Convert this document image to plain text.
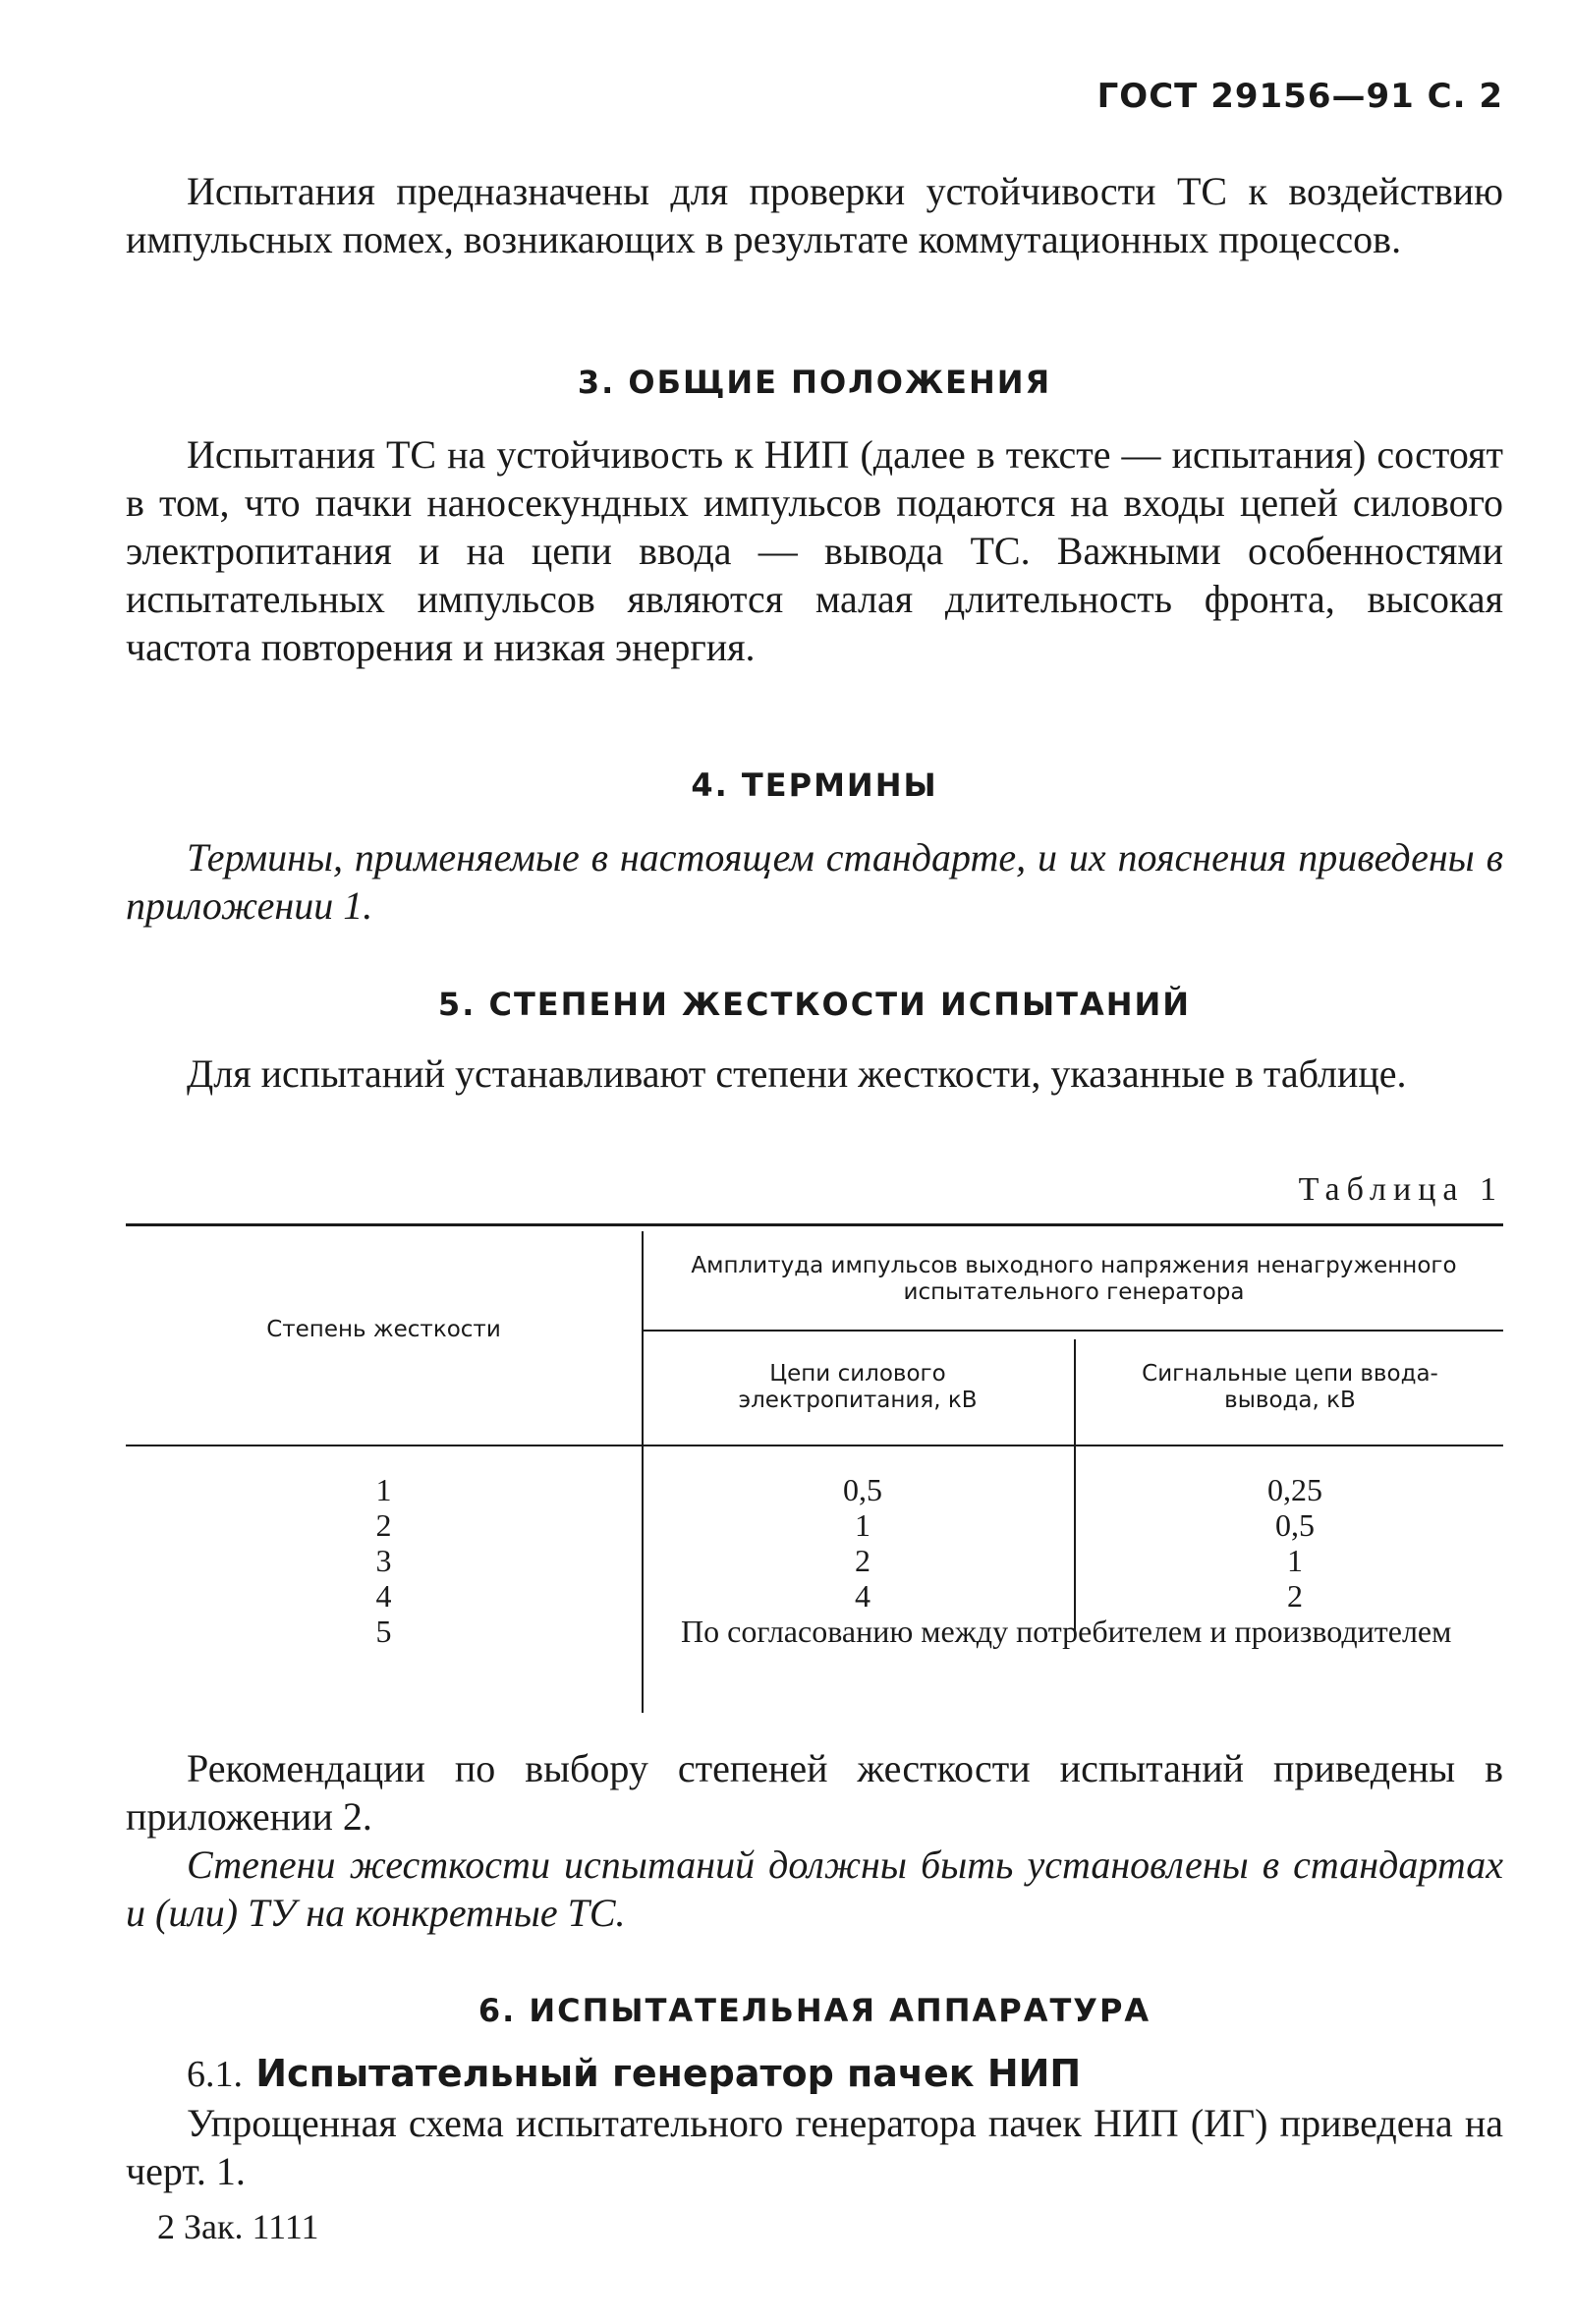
ГОСТ 29156—91 С. 2
Испытания предназначены для проверки устойчивости ТС к воздействию импульсных помех, возникающих в результате коммутационных процессов.
3. ОБЩИЕ ПОЛОЖЕНИЯ
Испытания ТС на устойчивость к НИП (далее в тексте — испытания) состоят в том, что пачки наносекундных импульсов подаются на входы цепей силового электропитания и на цепи ввода — вывода ТС. Важными особенностями испытательных импульсов являются малая длительность фронта, высокая частота повторения и низкая энергия.
4. ТЕРМИНЫ
Термины, применяемые в настоящем стандарте, и их пояснения приведены в приложении 1.
5. СТЕПЕНИ ЖЕСТКОСТИ ИСПЫТАНИЙ
Для испытаний устанавливают степени жесткости, указанные в таблице.
Таблица 1
Степень жесткости
Амплитуда импульсов выходного напряжения ненагруженного испытательного генератора
Цепи силового электропитания, кВ
Сигнальные цепи ввода-вывода, кВ
1
2
3
4
5
0,5
1
2
4
0,25
0,5
1
2
По согласованию между потребителем и производителем
Рекомендации по выбору степеней жесткости испытаний приведены в приложении 2.
Степени жесткости испытаний должны быть установлены в стандартах и (или) ТУ на конкретные ТС.
6. ИСПЫТАТЕЛЬНАЯ АППАРАТУРА
6.1. Испытательный генератор пачек НИП
Упрощенная схема испытательного генератора пачек НИП (ИГ) приведена на черт. 1.
2 Зак. 1111
